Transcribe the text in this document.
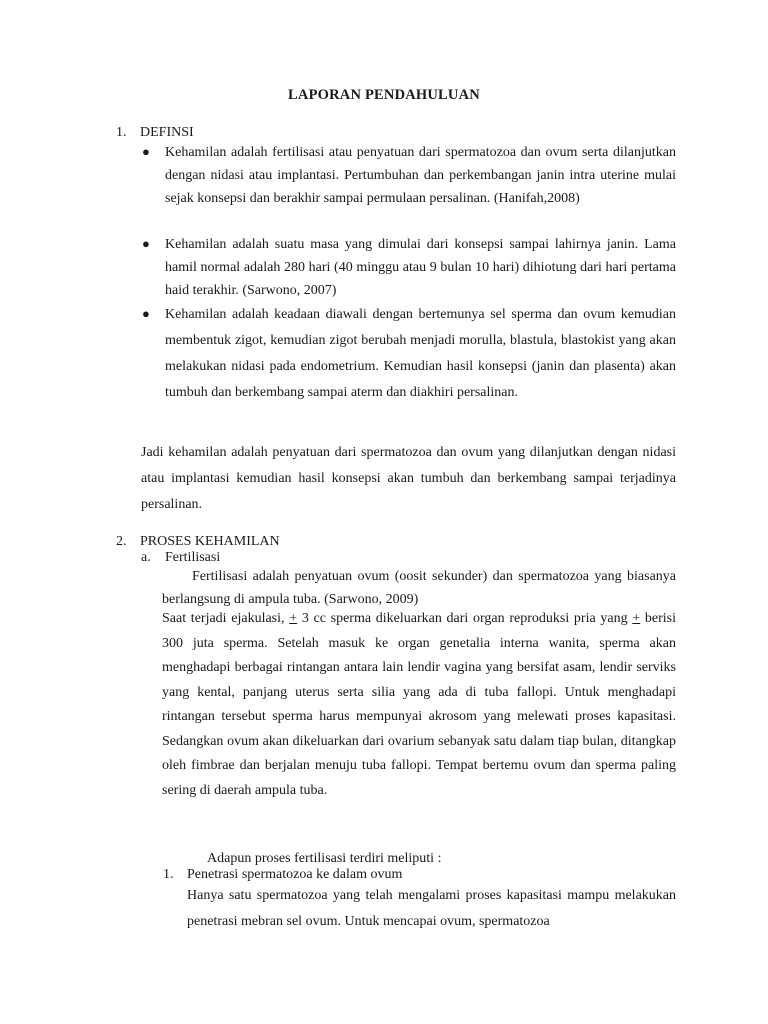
LAPORAN PENDAHULUAN
1. DEFINSI
● Kehamilan adalah fertilisasi atau penyatuan dari spermatozoa dan ovum serta dilanjutkan dengan nidasi atau implantasi. Pertumbuhan dan perkembangan janin intra uterine mulai sejak konsepsi dan berakhir sampai permulaan persalinan. (Hanifah,2008)
● Kehamilan adalah suatu masa yang dimulai dari konsepsi sampai lahirnya janin. Lama hamil normal adalah 280 hari (40 minggu atau 9 bulan 10 hari) dihiotung dari hari pertama haid terakhir. (Sarwono, 2007)
● Kehamilan adalah keadaan diawali dengan bertemunya sel sperma dan ovum kemudian membentuk zigot, kemudian zigot berubah menjadi morulla, blastula, blastokist yang akan melakukan nidasi pada endometrium. Kemudian hasil konsepsi (janin dan plasenta) akan tumbuh dan berkembang sampai aterm dan diakhiri persalinan.
Jadi kehamilan adalah penyatuan dari spermatozoa dan ovum yang dilanjutkan dengan nidasi atau implantasi kemudian hasil konsepsi akan tumbuh dan berkembang sampai terjadinya persalinan.
2. PROSES KEHAMILAN
a. Fertilisasi
Fertilisasi adalah penyatuan ovum (oosit sekunder) dan spermatozoa yang biasanya berlangsung di ampula tuba. (Sarwono, 2009)
Saat terjadi ejakulasi, + 3 cc sperma dikeluarkan dari organ reproduksi pria yang + berisi 300 juta sperma. Setelah masuk ke organ genetalia interna wanita, sperma akan menghadapi berbagai rintangan antara lain lendir vagina yang bersifat asam, lendir serviks yang kental, panjang uterus serta silia yang ada di tuba fallopi. Untuk menghadapi rintangan tersebut sperma harus mempunyai akrosom yang melewati proses kapasitasi. Sedangkan ovum akan dikeluarkan dari ovarium sebanyak satu dalam tiap bulan, ditangkap oleh fimbrae dan berjalan menuju tuba fallopi. Tempat bertemu ovum dan sperma paling sering di daerah ampula tuba.
Adapun proses fertilisasi terdiri meliputi :
1. Penetrasi spermatozoa ke dalam ovum
Hanya satu spermatozoa yang telah mengalami proses kapasitasi mampu melakukan penetrasi mebran sel ovum. Untuk mencapai ovum, spermatozoa
